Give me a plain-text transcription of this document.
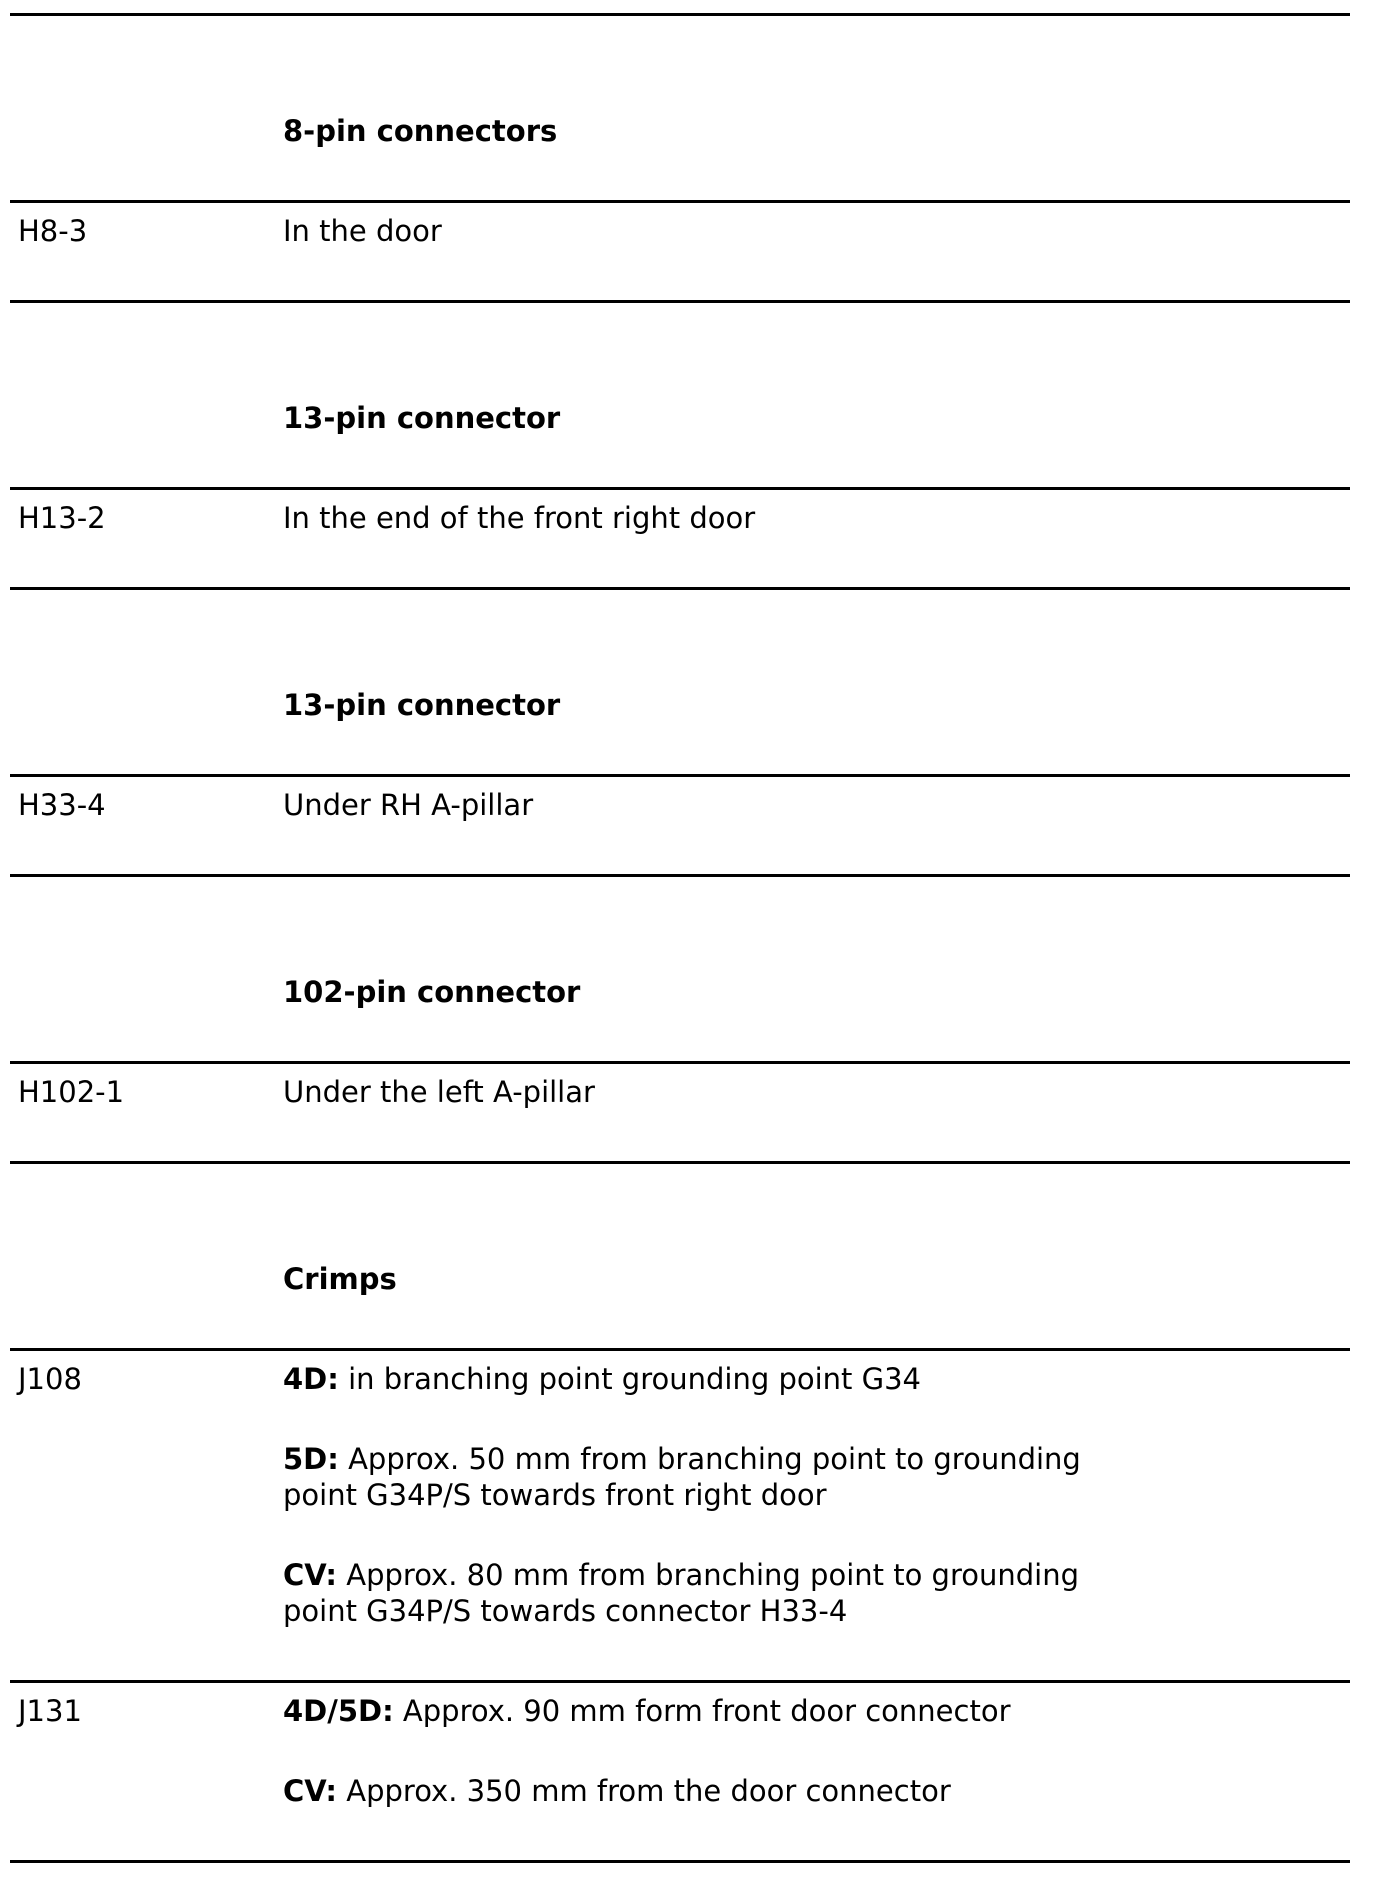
8-pin connectors
H8-3	In the door
13-pin connector
H13-2	In the end of the front right door
13-pin connector
H33-4	Under RH A-pillar
102-pin connector
H102-1	Under the left A-pillar
Crimps
J108	4D: in branching point grounding point G34
5D: Approx. 50 mm from branching point to grounding
point G34P/S towards front right door
CV: Approx. 80 mm from branching point to grounding
point G34P/S towards connector H33-4
J131	4D/5D: Approx. 90 mm form front door connector
CV: Approx. 350 mm from the door connector
